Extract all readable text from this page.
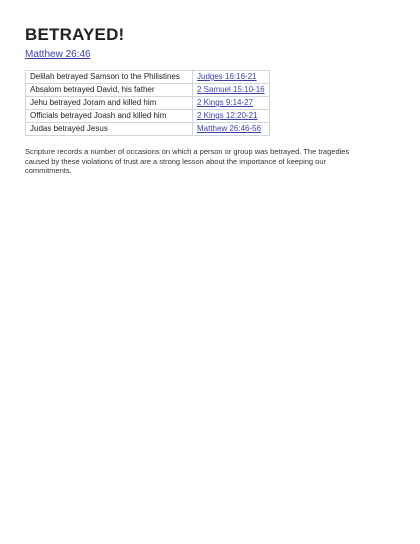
BETRAYED!
Matthew 26:46
Delilah betrayed Samson to the Philistines	Judges 16:16-21
Absalom betrayed David, his father	2 Samuel 15:10-16
Jehu betrayed Joram and killed him	2 Kings 9:14-27
Officials betrayed Joash and killed him	2 Kings 12:20-21
Judas betrayed Jesus	Matthew 26:46-56

Scripture records a number of occasions on which a person or group was betrayed. The tragedies caused by these violations of trust are a strong lesson about the importance of keeping our commitments.
